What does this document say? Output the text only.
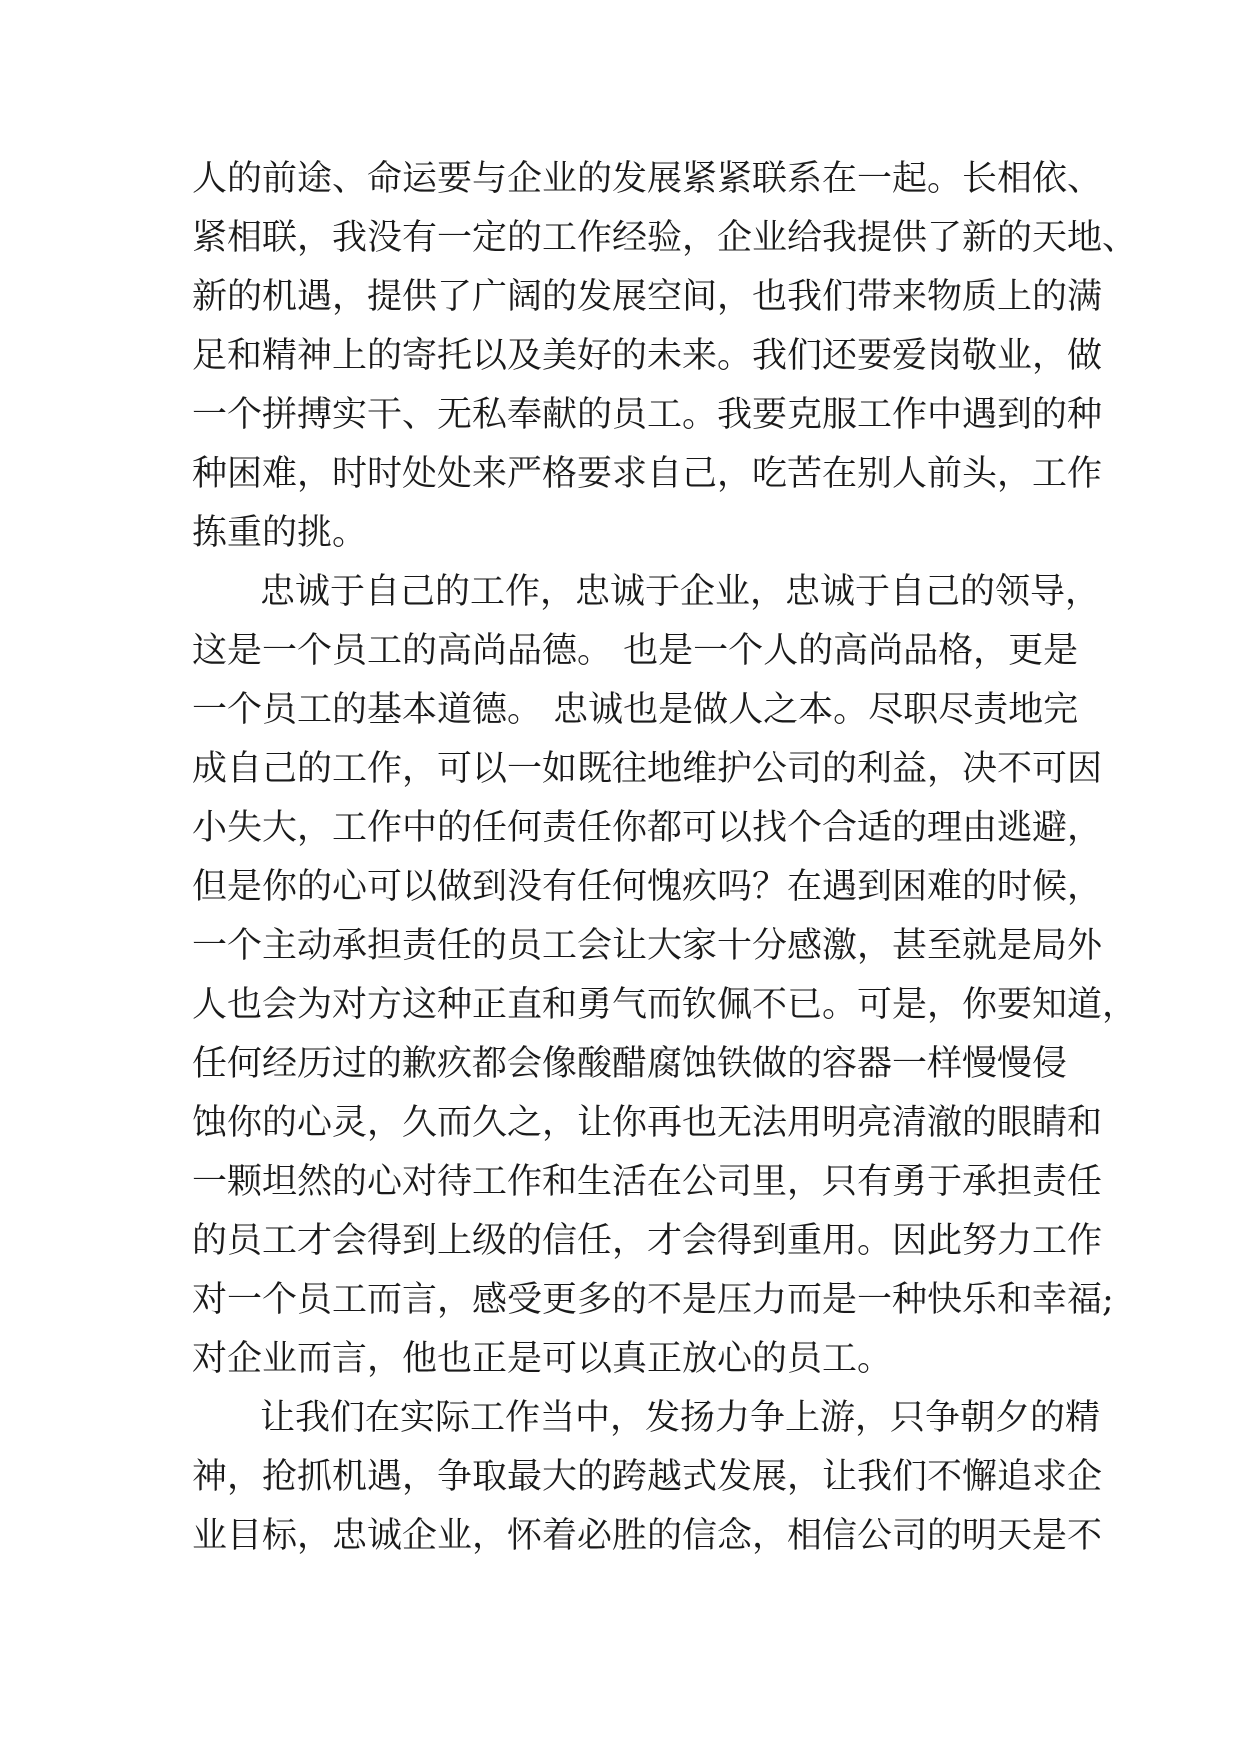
人的前途、命运要与企业的发展紧紧联系在一起。长相依、
紧相联，我没有一定的工作经验，企业给我提供了新的天地、
新的机遇，提供了广阔的发展空间，也我们带来物质上的满
足和精神上的寄托以及美好的未来。我们还要爱岗敬业，做
一个拼搏实干、无私奉献的员工。我要克服工作中遇到的种
种困难，时时处处来严格要求自己，吃苦在别人前头，工作
拣重的挑。
忠诚于自己的工作，忠诚于企业，忠诚于自己的领导，
这是一个员工的高尚品德。 也是一个人的高尚品格，更是
一个员工的基本道德。 忠诚也是做人之本。尽职尽责地完
成自己的工作，可以一如既往地维护公司的利益，决不可因
小失大，工作中的任何责任你都可以找个合适的理由逃避，
但是你的心可以做到没有任何愧疚吗？在遇到困难的时候，
一个主动承担责任的员工会让大家十分感激，甚至就是局外
人也会为对方这种正直和勇气而钦佩不已。可是，你要知道，
任何经历过的歉疚都会像酸醋腐蚀铁做的容器一样慢慢侵
蚀你的心灵，久而久之，让你再也无法用明亮清澈的眼睛和
一颗坦然的心对待工作和生活在公司里，只有勇于承担责任
的员工才会得到上级的信任，才会得到重用。因此努力工作
对一个员工而言，感受更多的不是压力而是一种快乐和幸福;
对企业而言，他也正是可以真正放心的员工。
让我们在实际工作当中，发扬力争上游，只争朝夕的精
神，抢抓机遇，争取最大的跨越式发展，让我们不懈追求企
业目标，忠诚企业，怀着必胜的信念，相信公司的明天是不
